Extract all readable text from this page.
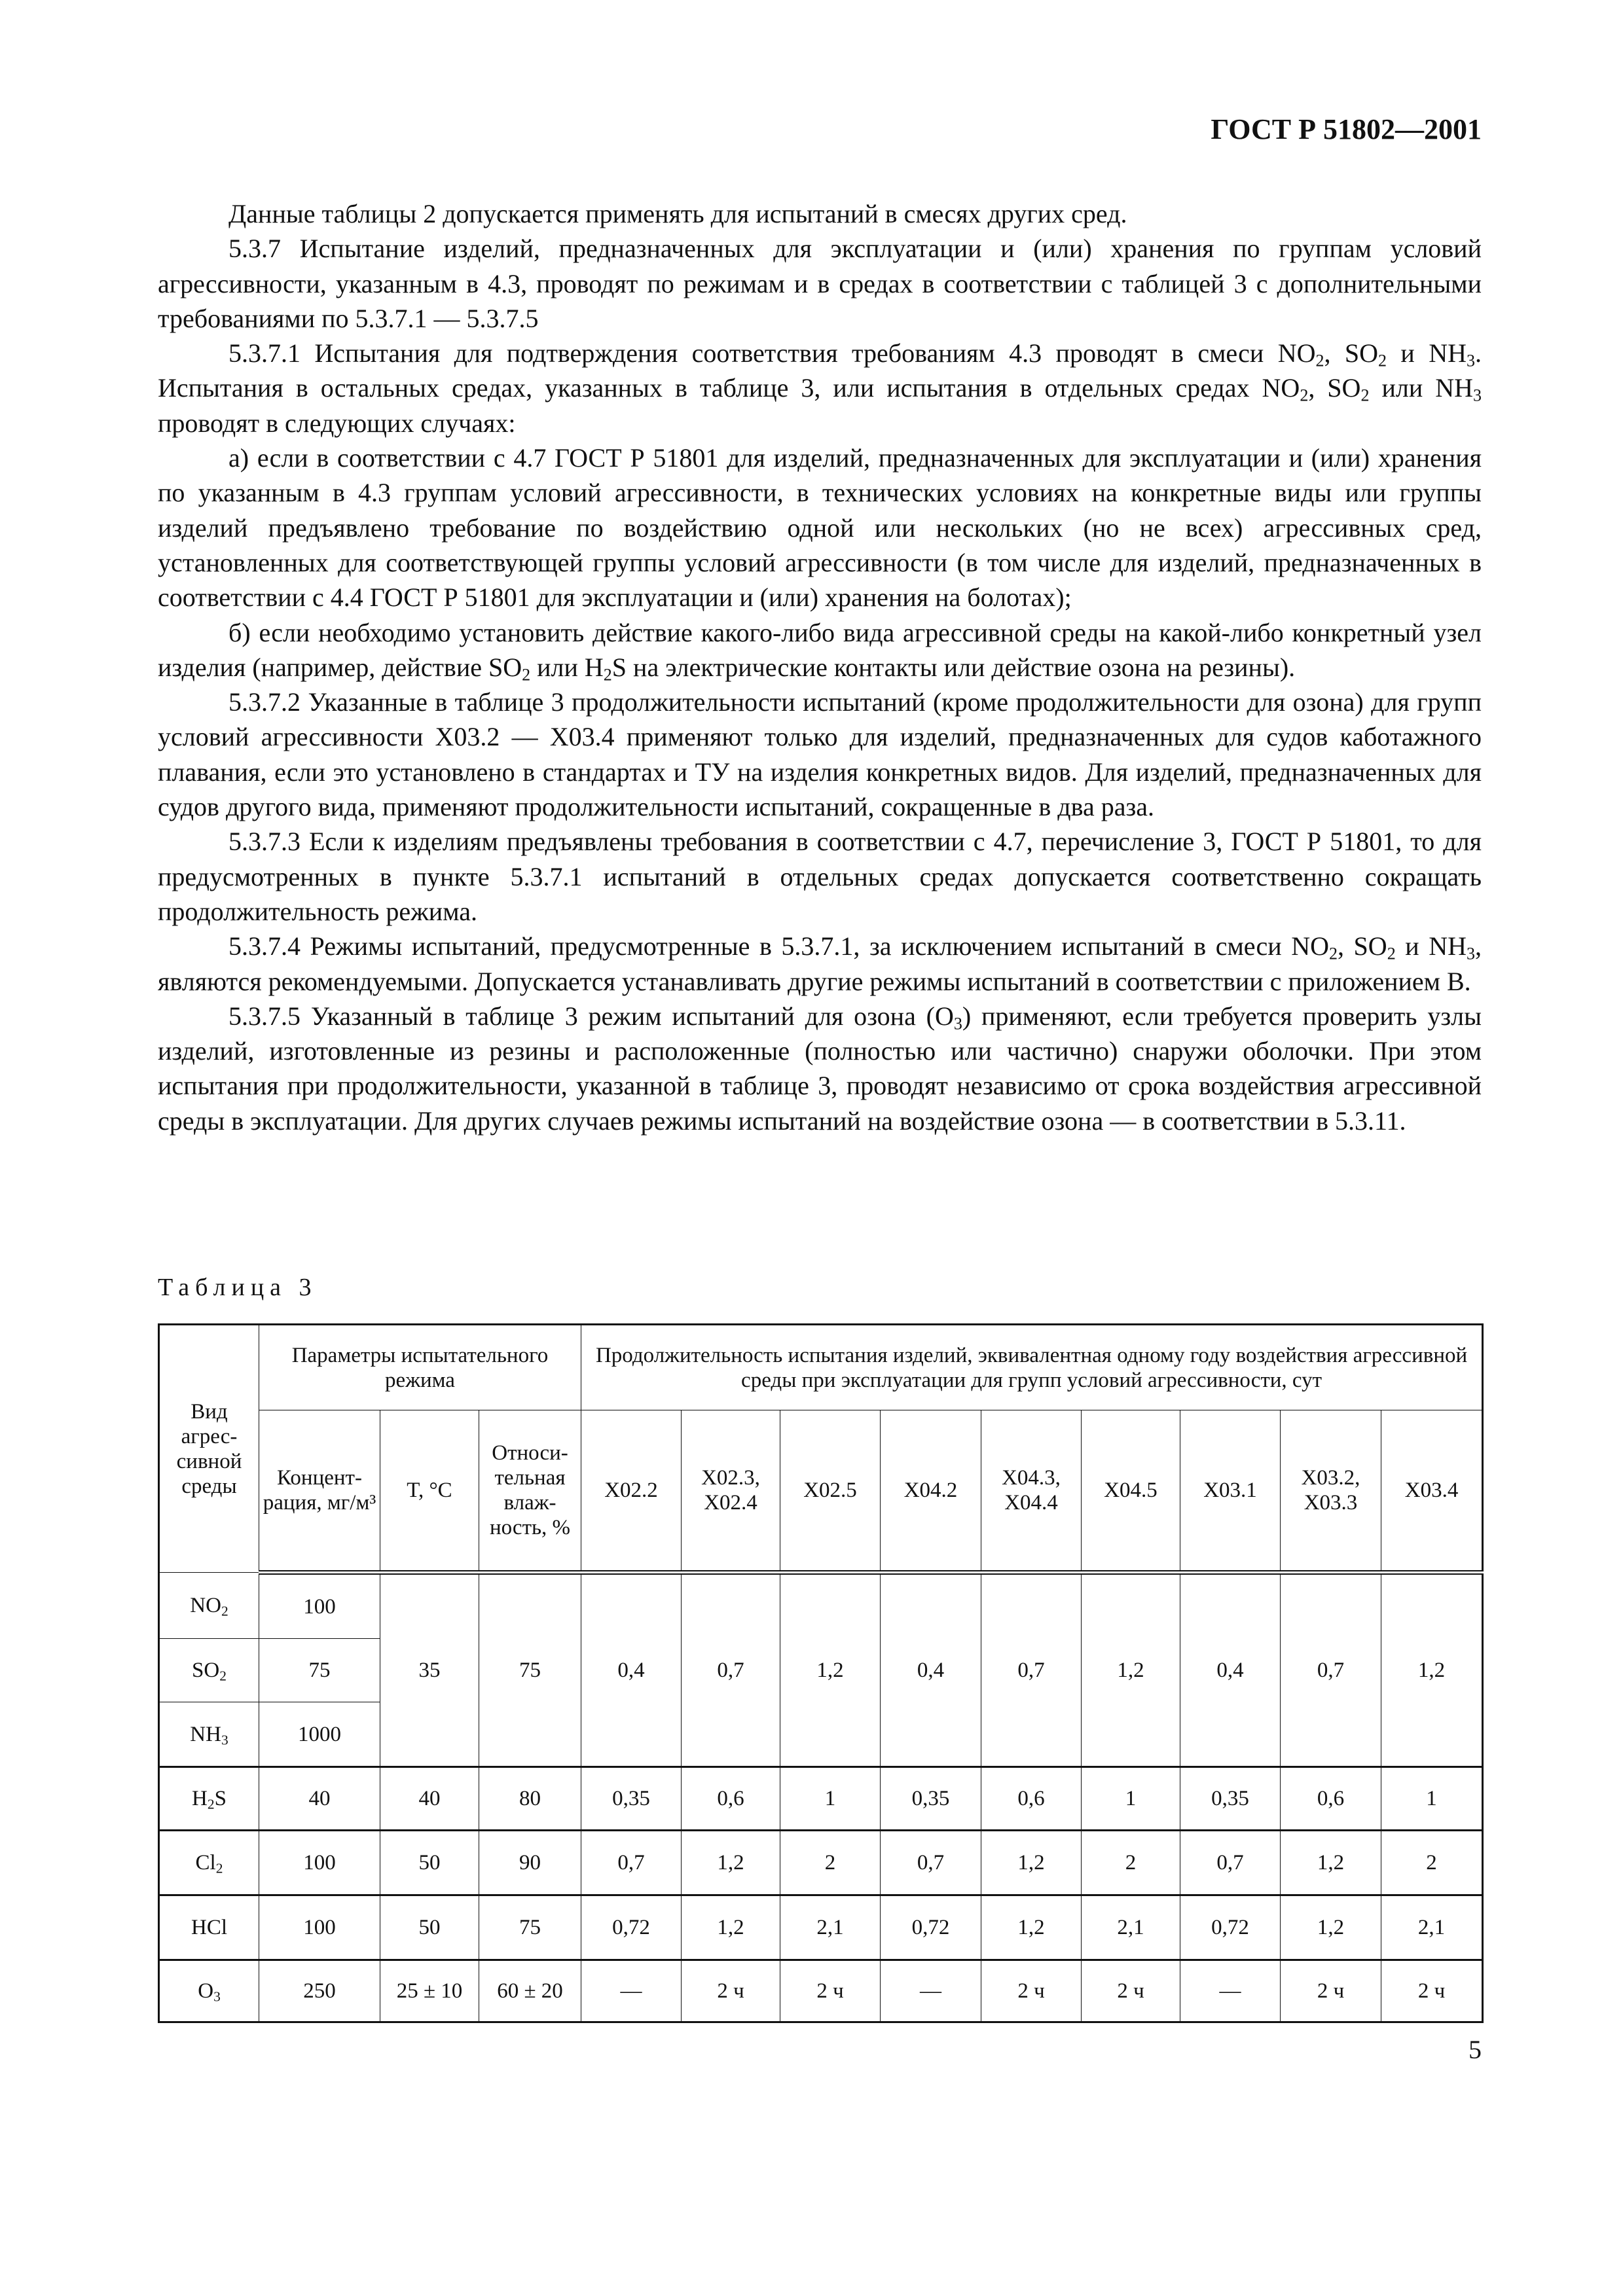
ГОСТ Р 51802—2001

Данные таблицы 2 допускается применять для испытаний в смесях других сред.

5.3.7 Испытание изделий, предназначенных для эксплуатации и (или) хранения по группам условий агрессивности, указанным в 4.3, проводят по режимам и в средах в соответствии с таблицей 3 с дополнительными требованиями по 5.3.7.1 — 5.3.7.5

5.3.7.1 Испытания для подтверждения соответствия требованиям 4.3 проводят в смеси $NO_2$, $SO_2$ и $NH_3$. Испытания в остальных средах, указанных в таблице 3, или испытания в отдельных средах $NO_2$, $SO_2$ или $NH_3$ проводят в следующих случаях:

а) если в соответствии с 4.7 ГОСТ Р 51801 для изделий, предназначенных для эксплуатации и (или) хранения по указанным в 4.3 группам условий агрессивности, в технических условиях на конкретные виды или группы изделий предъявлено требование по воздействию одной или нескольких (но не всех) агрессивных сред, установленных для соответствующей группы условий агрессивности (в том числе для изделий, предназначенных в соответствии с 4.4 ГОСТ Р 51801 для эксплуатации и (или) хранения на болотах);

б) если необходимо установить действие какого-либо вида агрессивной среды на какой-либо конкретный узел изделия (например, действие $SO_2$ или $H_2S$ на электрические контакты или действие озона на резины).

5.3.7.2 Указанные в таблице 3 продолжительности испытаний (кроме продолжительности для озона) для групп условий агрессивности Х03.2 — Х03.4 применяют только для изделий, предназначенных для судов каботажного плавания, если это установлено в стандартах и ТУ на изделия конкретных видов. Для изделий, предназначенных для судов другого вида, применяют продолжительности испытаний, сокращенные в два раза.

5.3.7.3 Если к изделиям предъявлены требования в соответствии с 4.7, перечисление 3, ГОСТ Р 51801, то для предусмотренных в пункте 5.3.7.1 испытаний в отдельных средах допускается соответственно сокращать продолжительность режима.

5.3.7.4 Режимы испытаний, предусмотренные в 5.3.7.1, за исключением испытаний в смеси $NO_2$, $SO_2$ и $NH_3$, являются рекомендуемыми. Допускается устанавливать другие режимы испытаний в соответствии с приложением В.

5.3.7.5 Указанный в таблице 3 режим испытаний для озона $(O_3)$ применяют, если требуется проверить узлы изделий, изготовленные из резины и расположенные (полностью или частично) снаружи оболочки. При этом испытания при продолжительности, указанной в таблице 3, проводят независимо от срока воздействия агрессивной среды в эксплуатации. Для других случаев режимы испытаний на воздействие озона — в соответствии в 5.3.11.

Таблица 3
Вид агрес-сивной среды	Параметры испытательного режима			Продолжительность испытания изделий, эквивалентная одному году воздействия агрессивной среды при эксплуатации для групп условий агрессивности, сут								
	Концент-рация, мг/м³	T, °C	Относи-тельная влаж-ность, %	Х02.2	Х02.3, Х02.4	Х02.5	Х04.2	Х04.3, Х04.4	Х04.5	Х03.1	Х03.2, Х03.3	Х03.4
$NO_2$	100	35	75	0,4	0,7	1,2	0,4	0,7	1,2	0,4	0,7	1,2
$SO_2$	75											
$NH_3$	1000											
$H_2S$	40	40	80	0,35	0,6	1	0,35	0,6	1	0,35	0,6	1
$Cl_2$	100	50	90	0,7	1,2	2	0,7	1,2	2	0,7	1,2	2
HCl	100	50	75	0,72	1,2	2,1	0,72	1,2	2,1	0,72	1,2	2,1
$O_3$	250	25 ± 10	60 ± 20	—	2 ч	2 ч	—	2 ч	2 ч	—	2 ч	2 ч
5
